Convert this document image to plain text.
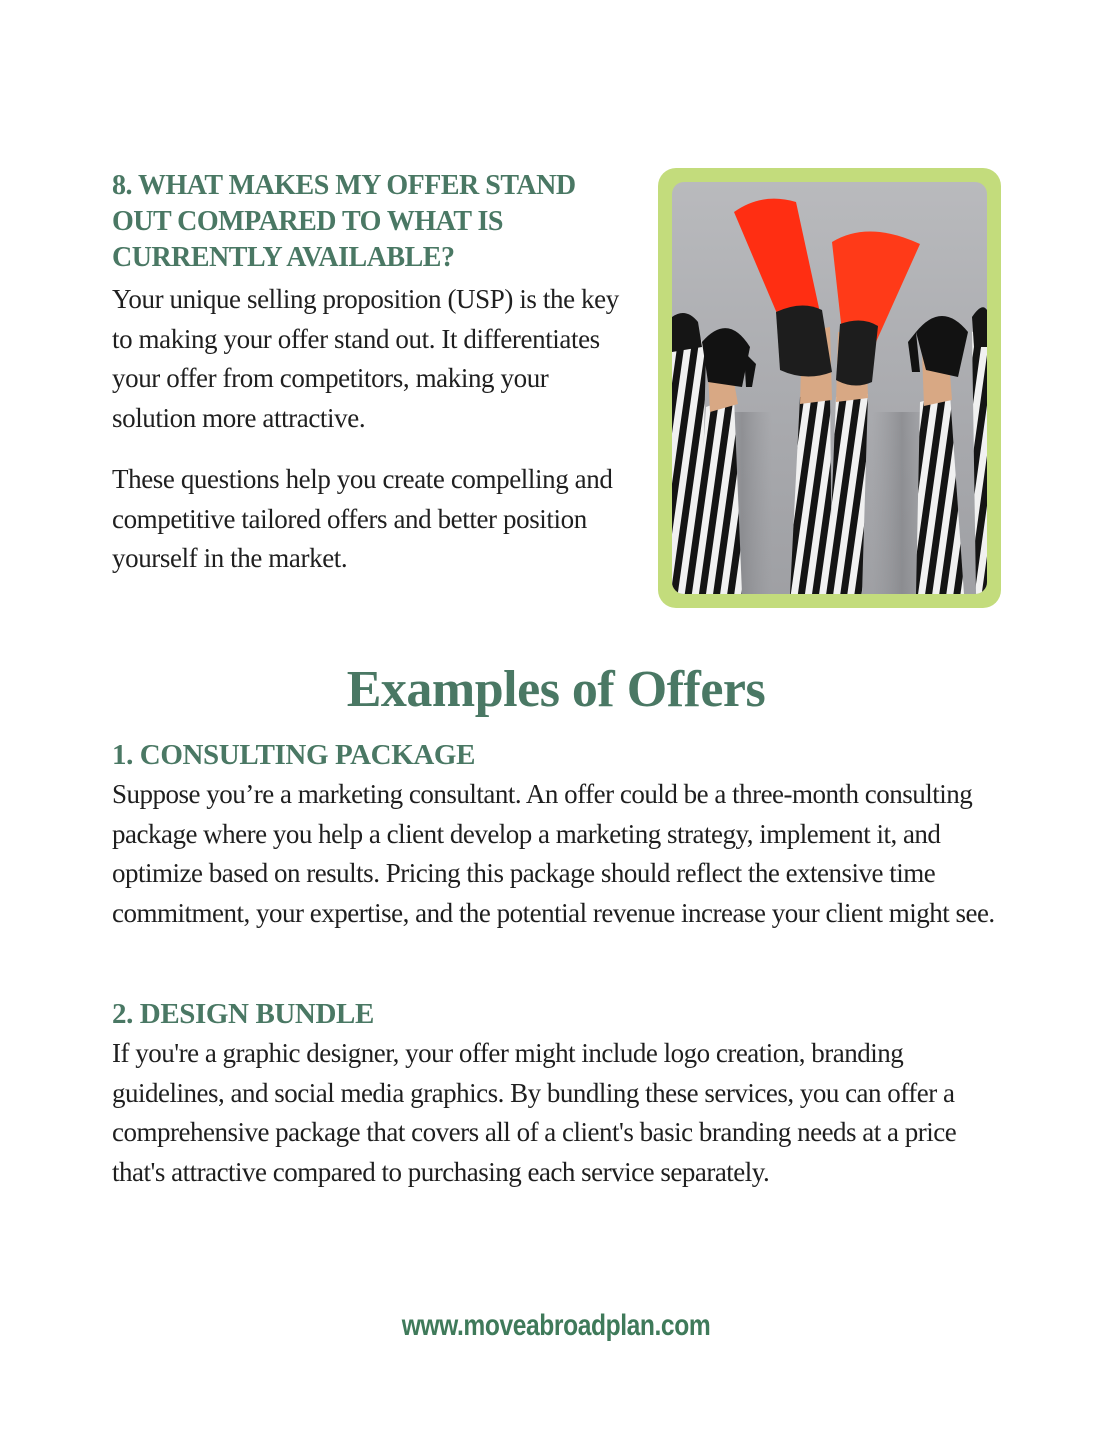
8. WHAT MAKES MY OFFER STAND OUT COMPARED TO WHAT IS CURRENTLY AVAILABLE?

Your unique selling proposition (USP) is the key to making your offer stand out. It differentiates your offer from competitors, making your solution more attractive.

These questions help you create compelling and competitive tailored offers and better position yourself in the market.

Examples of Offers
1. CONSULTING PACKAGE

Suppose you’re a marketing consultant. An offer could be a three-month consulting package where you help a client develop a marketing strategy, implement it, and optimize based on results. Pricing this package should reflect the extensive time commitment, your expertise, and the potential revenue increase your client might see.

2. DESIGN BUNDLE

If you're a graphic designer, your offer might include logo creation, branding guidelines, and social media graphics. By bundling these services, you can offer a comprehensive package that covers all of a client's basic branding needs at a price that's attractive compared to purchasing each service separately.

www.moveabroadplan.com
